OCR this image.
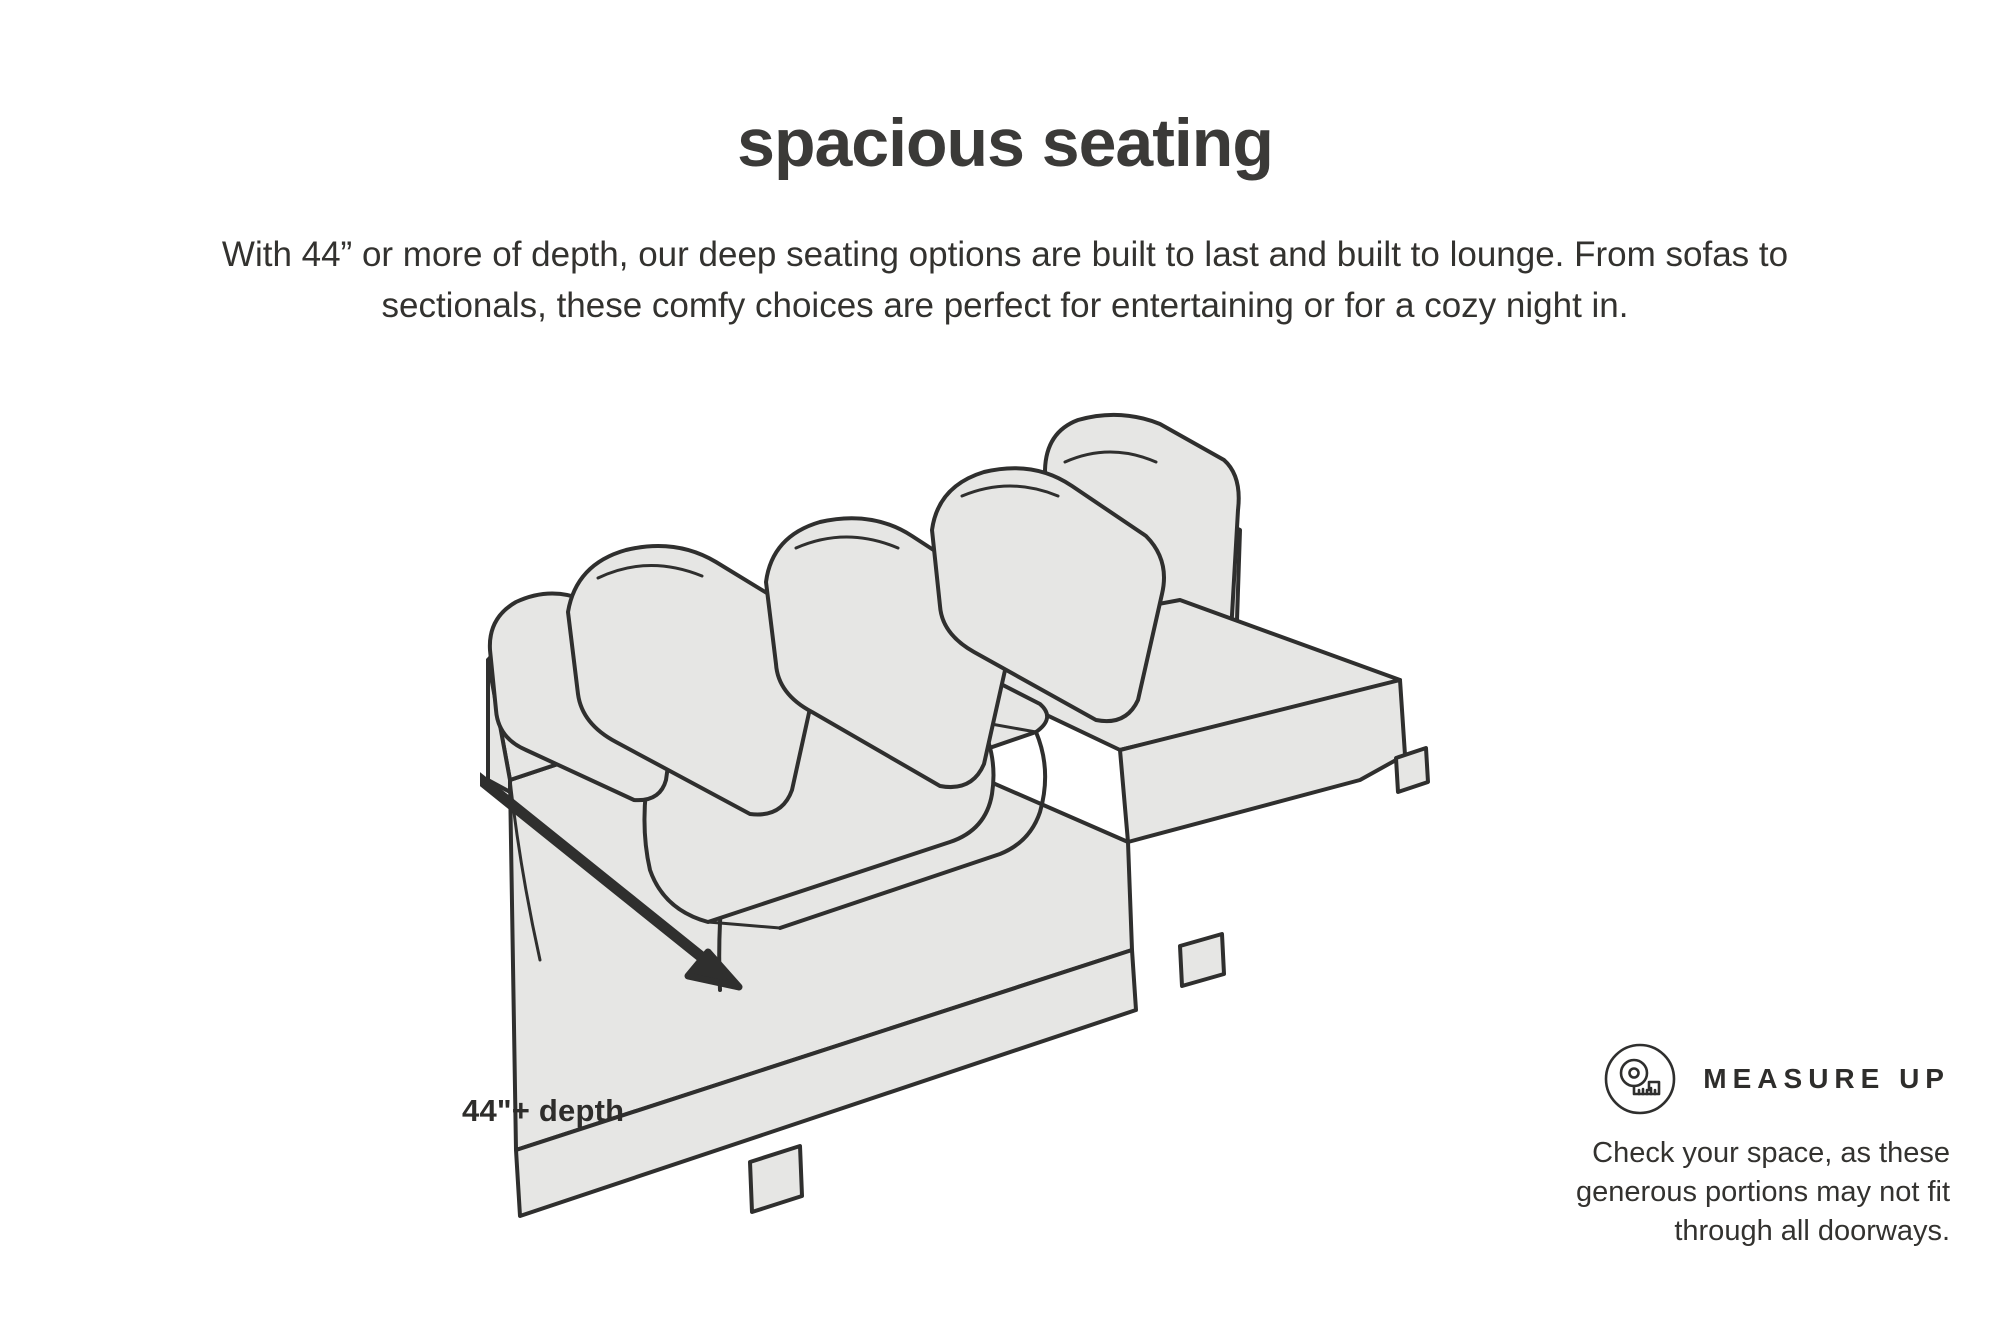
spacious seating
With 44” or more of depth, our deep seating options are built to last and built to lounge. From sofas to sectionals, these comfy choices are perfect for entertaining or for a cozy night in.
44"+ depth
MEASURE UP
Check your space, as these generous portions may not fit through all doorways.
